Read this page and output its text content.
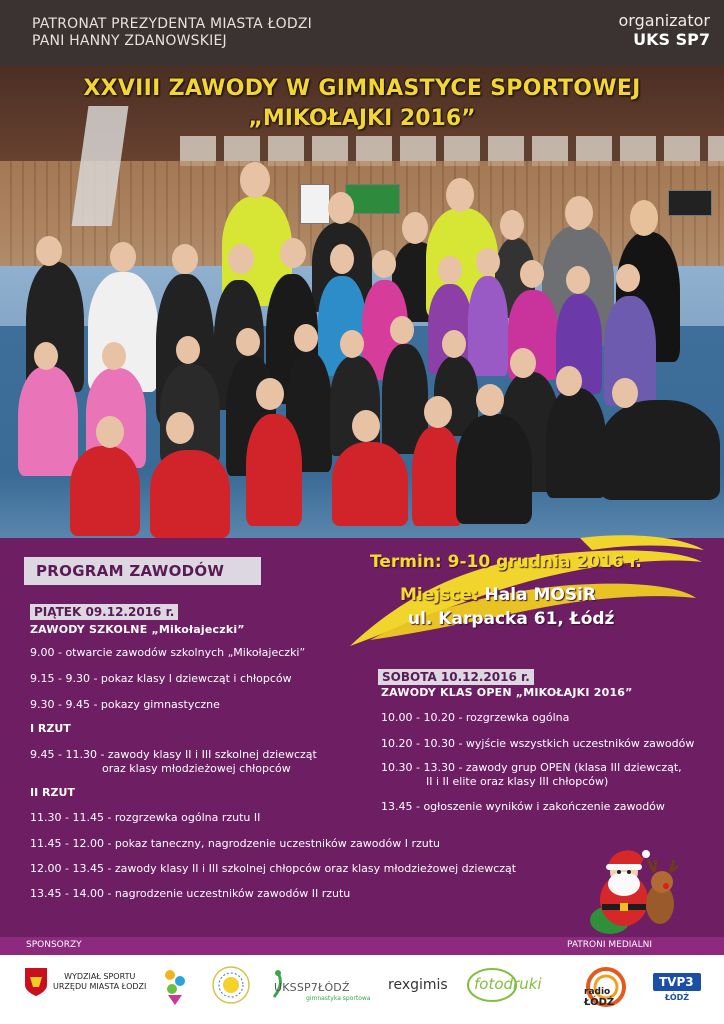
PATRONAT PREZYDENTA MIASTA ŁODZI
PANI HANNY ZDANOWSKIEJ
organizator
UKS SP7
XXVIII ZAWODY W GIMNASTYCE SPORTOWEJ
„MIKOŁAJKI 2016”
PROGRAM ZAWODÓW	Termin: 9-10 grudnia 2016 r.
Miejsce: Hala MOSiR
ul. Karpacka 61, Łódź
PIĄTEK 09.12.2016 r.
ZAWODY SZKOLNE „Mikołajeczki”
9.00 - otwarcie zawodów szkolnych „Mikołajeczki”
9.15 - 9.30 - pokaz klasy I dziewcząt i chłopców
9.30 - 9.45 - pokazy gimnastyczne
I RZUT
9.45 - 11.30 - zawody klasy II i III szkolnej dziewcząt
oraz klasy młodzieżowej chłopców
II RZUT
11.30 - 11.45 - rozgrzewka ogólna rzutu II
11.45 - 12.00 - pokaz taneczny, nagrodzenie uczestników zawodów I rzutu
12.00 - 13.45 - zawody klasy II i III szkolnej chłopców oraz klasy młodzieżowej dziewcząt
13.45 - 14.00 - nagrodzenie uczestników zawodów II rzutu
SOBOTA 10.12.2016 r.
ZAWODY KLAS OPEN „MIKOŁAJKI 2016”
10.00 - 10.20 - rozgrzewka ogólna
10.20 - 10.30 - wyjście wszystkich uczestników zawodów
10.30 - 13.30 - zawody grup OPEN (klasa III dziewcząt,
II i II elite oraz klasy III chłopców)
13.45 - ogłoszenie wyników i zakończenie zawodów
SPONSORZY	PATRONI MEDIALNI
WYDZIAŁ SPORTU
URZĘDU MIASTA ŁODZI	UKSSP7ŁÓDŹ
gimnastyka sportowa
rexgimis fotodruki	radio
ŁÓDŹ
TVP3
ŁÓDŹ
